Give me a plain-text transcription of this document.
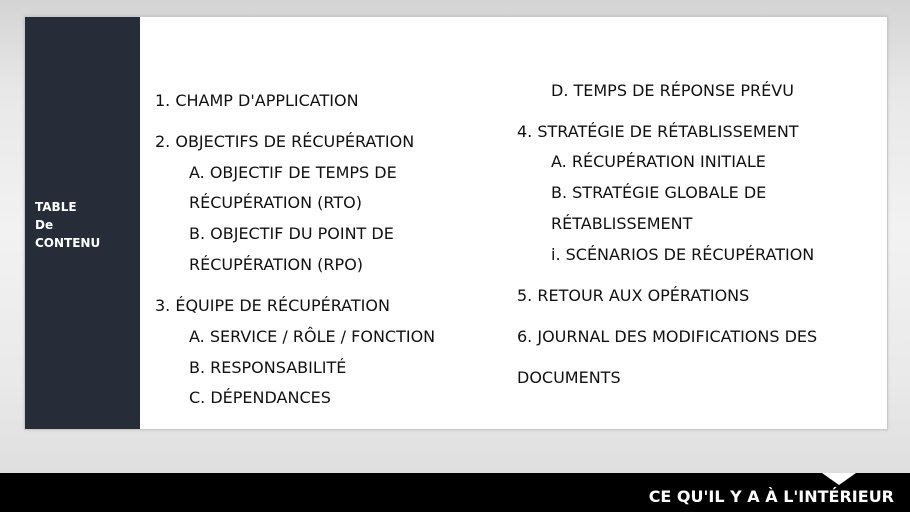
TABLE
De
CONTENU
1. CHAMP D'APPLICATION
2. OBJECTIFS DE RÉCUPÉRATION
A. OBJECTIF DE TEMPS DE
RÉCUPÉRATION (RTO)
B. OBJECTIF DU POINT DE
RÉCUPÉRATION (RPO)
3. ÉQUIPE DE RÉCUPÉRATION
A. SERVICE / RÔLE / FONCTION
B. RESPONSABILITÉ
C. DÉPENDANCES
D. TEMPS DE RÉPONSE PRÉVU
4. STRATÉGIE DE RÉTABLISSEMENT
A. RÉCUPÉRATION INITIALE
B. STRATÉGIE GLOBALE DE
RÉTABLISSEMENT
i. SCÉNARIOS DE RÉCUPÉRATION
5. RETOUR AUX OPÉRATIONS
6. JOURNAL DES MODIFICATIONS DES
DOCUMENTS
CE QU'IL Y A À L'INTÉRIEUR
